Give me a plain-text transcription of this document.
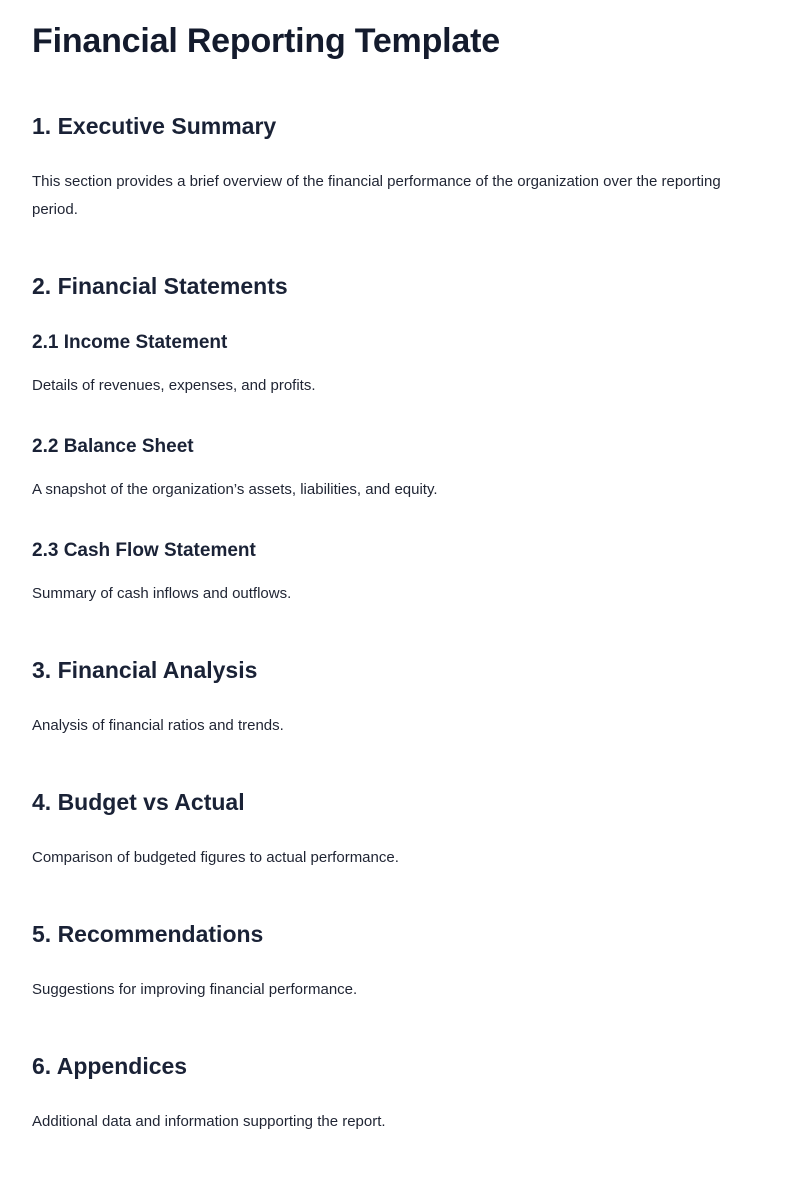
Financial Reporting Template
1. Executive Summary

This section provides a brief overview of the financial performance of the organization over the reporting period.

2. Financial Statements
2.1 Income Statement

Details of revenues, expenses, and profits.

2.2 Balance Sheet

A snapshot of the organization’s assets, liabilities, and equity.

2.3 Cash Flow Statement

Summary of cash inflows and outflows.

3. Financial Analysis

Analysis of financial ratios and trends.

4. Budget vs Actual

Comparison of budgeted figures to actual performance.

5. Recommendations

Suggestions for improving financial performance.

6. Appendices

Additional data and information supporting the report.
